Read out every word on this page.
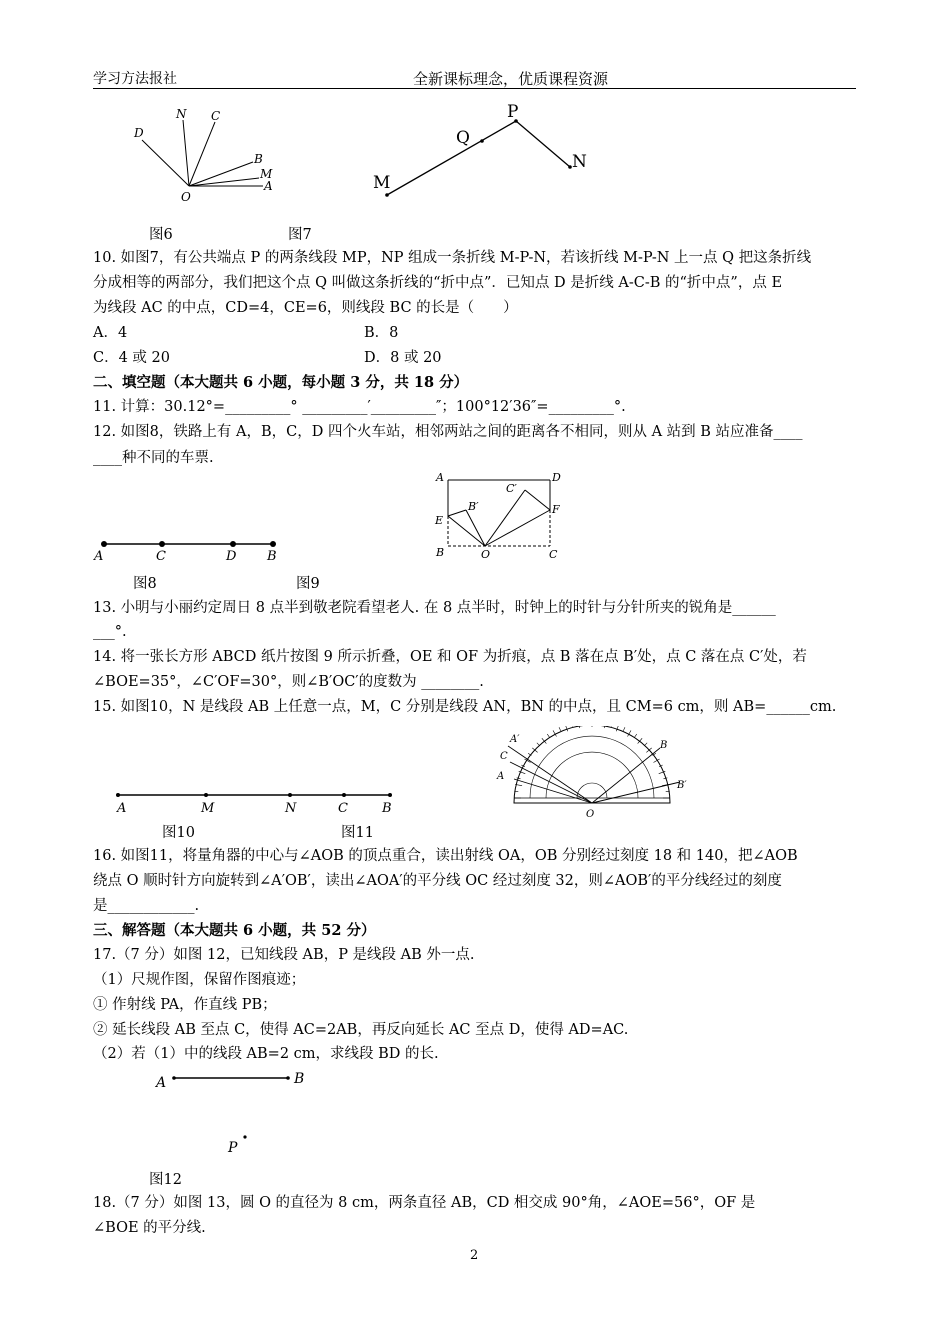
学习方法报社	全新课标理念，优质课程资源
D
N C
B
M
A
O
M
Q
P
N
图6	图7
10. 如图7，有公共端点 P 的两条线段 MP，NP 组成一条折线 M-P-N，若该折线 M-P-N 上一点 Q 把这条折线
分成相等的两部分，我们把这个点 Q 叫做这条折线的“折中点”．已知点 D 是折线 A-C-B 的“折中点”，点 E
为线段 AC 的中点，CD=4，CE=6，则线段 BC 的长是（　　）
A．4	B．8
C．4 或 20	D．8 或 20
二、填空题（本大题共 6 小题，每小题 3 分，共 18 分）
11. 计算：30.12°=_________° _________′_________″；100°12′36″=_________°.
12. 如图8，铁路上有 A，B，C，D 四个火车站，相邻两站之间的距离各不相同，则从 A 站到 B 站应准备____
____种不同的车票.
A	C	D B
A	D
C′
B′	F
E
B	O	C
图8	图9
13. 小明与小丽约定周日 8 点半到敬老院看望老人. 在 8 点半时，时钟上的时针与分针所夹的锐角是______
___°.
14. 将一张长方形 ABCD 纸片按图 9 所示折叠，OE 和 OF 为折痕，点 B 落在点 B′处，点 C 落在点 C′处，若
∠BOE=35°，∠C′OF=30°，则∠B′OC′的度数为 ________.
15. 如图10，N 是线段 AB 上任意一点，M，C 分别是线段 AN，BN 的中点，且 CM=6 cm，则 AB=______cm.
A	M	N	C	B
A′
C
A
B
B′
O
图10	图11
16. 如图11，将量角器的中心与∠AOB 的顶点重合，读出射线 OA，OB 分别经过刻度 18 和 140，把∠AOB
绕点 O 顺时针方向旋转到∠A′OB′，读出∠AOA′的平分线 OC 经过刻度 32，则∠AOB′的平分线经过的刻度
是____________.
三、解答题（本大题共 6 小题，共 52 分）
17.（7 分）如图 12，已知线段 AB，P 是线段 AB 外一点.
（1）尺规作图，保留作图痕迹；
① 作射线 PA，作直线 PB；
② 延长线段 AB 至点 C，使得 AC=2AB，再反向延长 AC 至点 D，使得 AD=AC.
（2）若（1）中的线段 AB=2 cm，求线段 BD 的长.
A	B
P
图12
18.（7 分）如图 13，圆 O 的直径为 8 cm，两条直径 AB，CD 相交成 90°角，∠AOE=56°，OF 是
∠BOE 的平分线.
2
